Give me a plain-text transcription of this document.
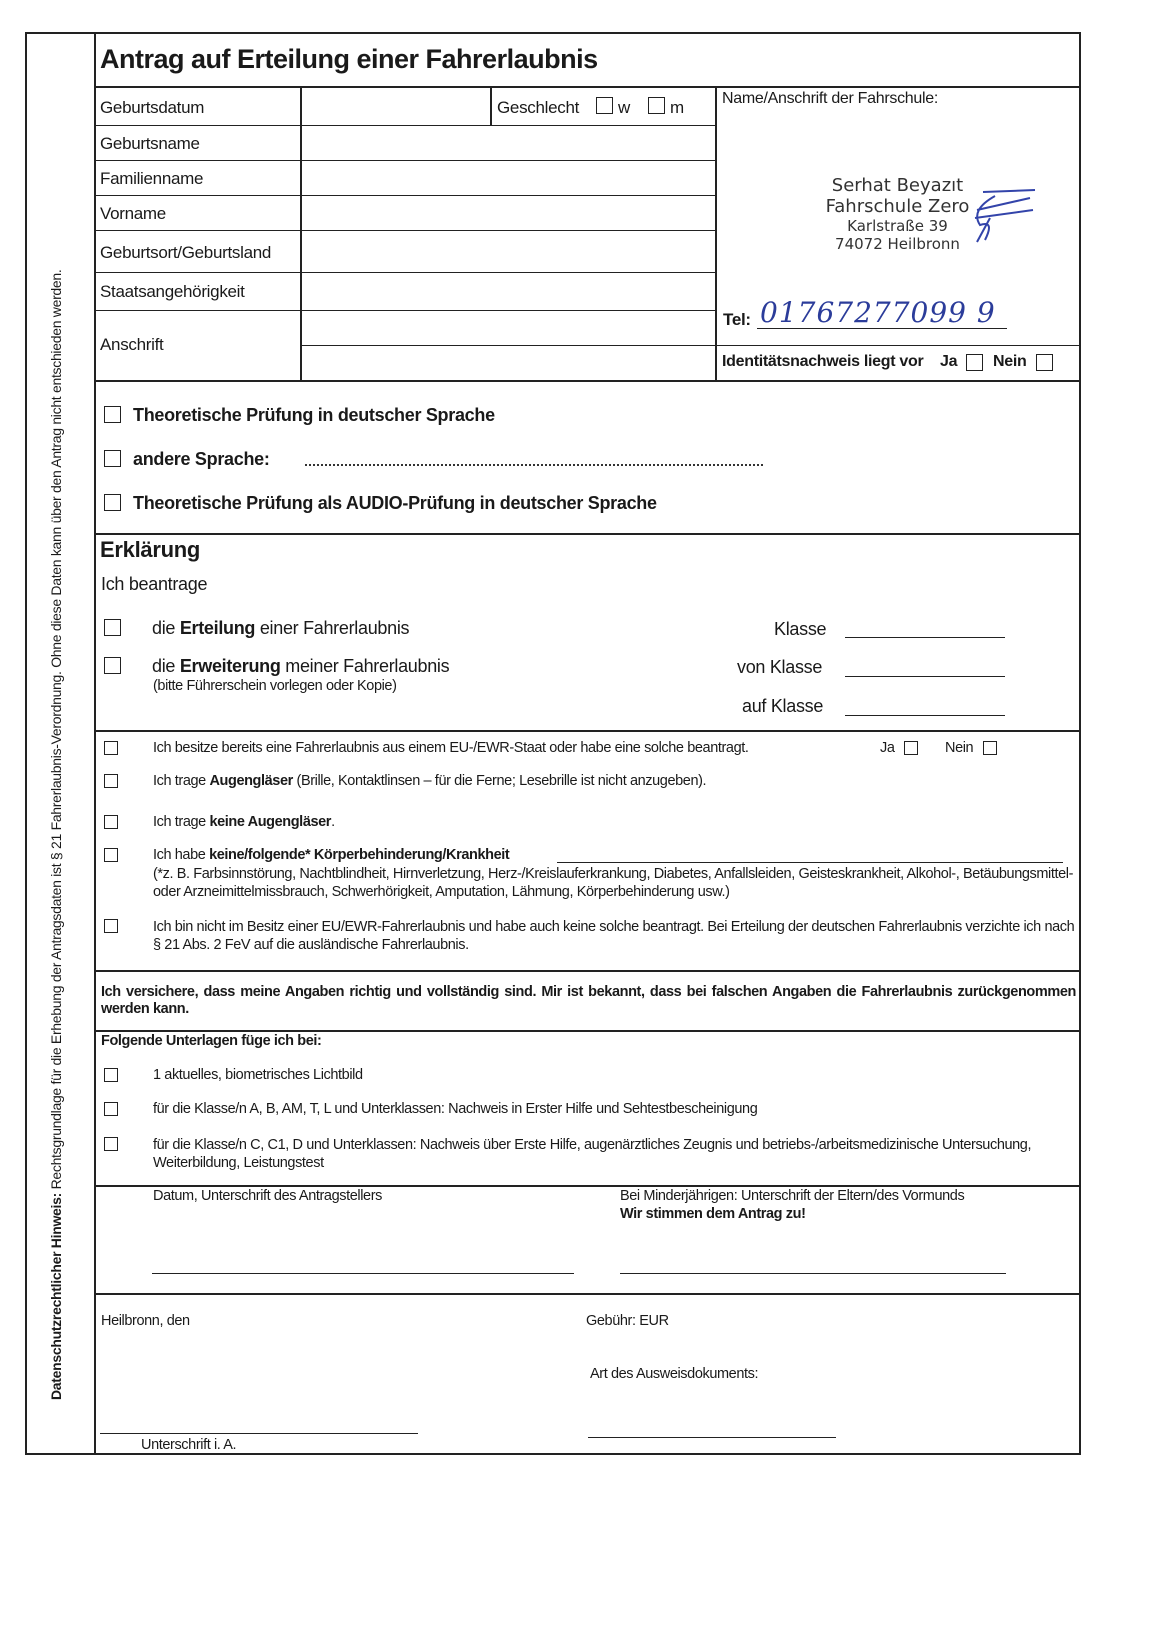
Datenschutzrechtlicher Hinweis: Rechtsgrundlage für die Erhebung der Antragsdaten ist § 21 Fahrerlaubnis-Verordnung. Ohne diese Daten kann über den Antrag nicht entschieden werden.
Antrag auf Erteilung einer Fahrerlaubnis
Geburtsdatum	Geschlecht w m
Geburtsname
Familienname
Vorname
Geburtsort/Geburtsland
Staatsangehörigkeit
Anschrift
Name/Anschrift der Fahrschule:
Serhat Beyazıt
Fahrschule Zero
Karlstraße 39
74072 Heilbronn
Tel: 01767277099 9
Identitätsnachweis liegt vor Ja Nein
Theoretische Prüfung in deutscher Sprache
andere Sprache:
Theoretische Prüfung als AUDIO-Prüfung in deutscher Sprache
Erklärung
Ich beantrage
die Erteilung einer Fahrerlaubnis
die Erweiterung meiner Fahrerlaubnis
(bitte Führerschein vorlegen oder Kopie)
Klasse
von Klasse
auf Klasse
Ich besitze bereits eine Fahrerlaubnis aus einem EU-/EWR-Staat oder habe eine solche beantragt.	Ja	Nein
Ich trage Augengläser (Brille, Kontaktlinsen – für die Ferne; Lesebrille ist nicht anzugeben).
Ich trage keine Augengläser.
Ich habe keine/folgende* Körperbehinderung/Krankheit
(*z. B. Farbsinnstörung, Nachtblindheit, Hirnverletzung, Herz-/Kreislauferkrankung, Diabetes, Anfallsleiden, Geisteskrankheit, Alkohol-, Betäubungsmittel- oder Arzneimittelmissbrauch, Schwerhörigkeit, Amputation, Lähmung, Körperbehinderung usw.)
Ich bin nicht im Besitz einer EU/EWR-Fahrerlaubnis und habe auch keine solche beantragt. Bei Erteilung der deutschen Fahrerlaubnis verzichte ich nach § 21 Abs. 2 FeV auf die ausländische Fahrerlaubnis.
Ich versichere, dass meine Angaben richtig und vollständig sind. Mir ist bekannt, dass bei falschen Angaben die Fahrerlaubnis zurückgenommen werden kann.
Folgende Unterlagen füge ich bei:
1 aktuelles, biometrisches Lichtbild
für die Klasse/n A, B, AM, T, L und Unterklassen: Nachweis in Erster Hilfe und Sehtestbescheinigung
für die Klasse/n C, C1, D und Unterklassen: Nachweis über Erste Hilfe, augenärztliches Zeugnis und betriebs-/arbeitsmedizinische Untersuchung, Weiterbildung, Leistungstest
Datum, Unterschrift des Antragstellers	Bei Minderjährigen: Unterschrift der Eltern/des Vormunds
Wir stimmen dem Antrag zu!
Heilbronn, den	Gebühr: EUR
Art des Ausweisdokuments:
Unterschrift i. A.
